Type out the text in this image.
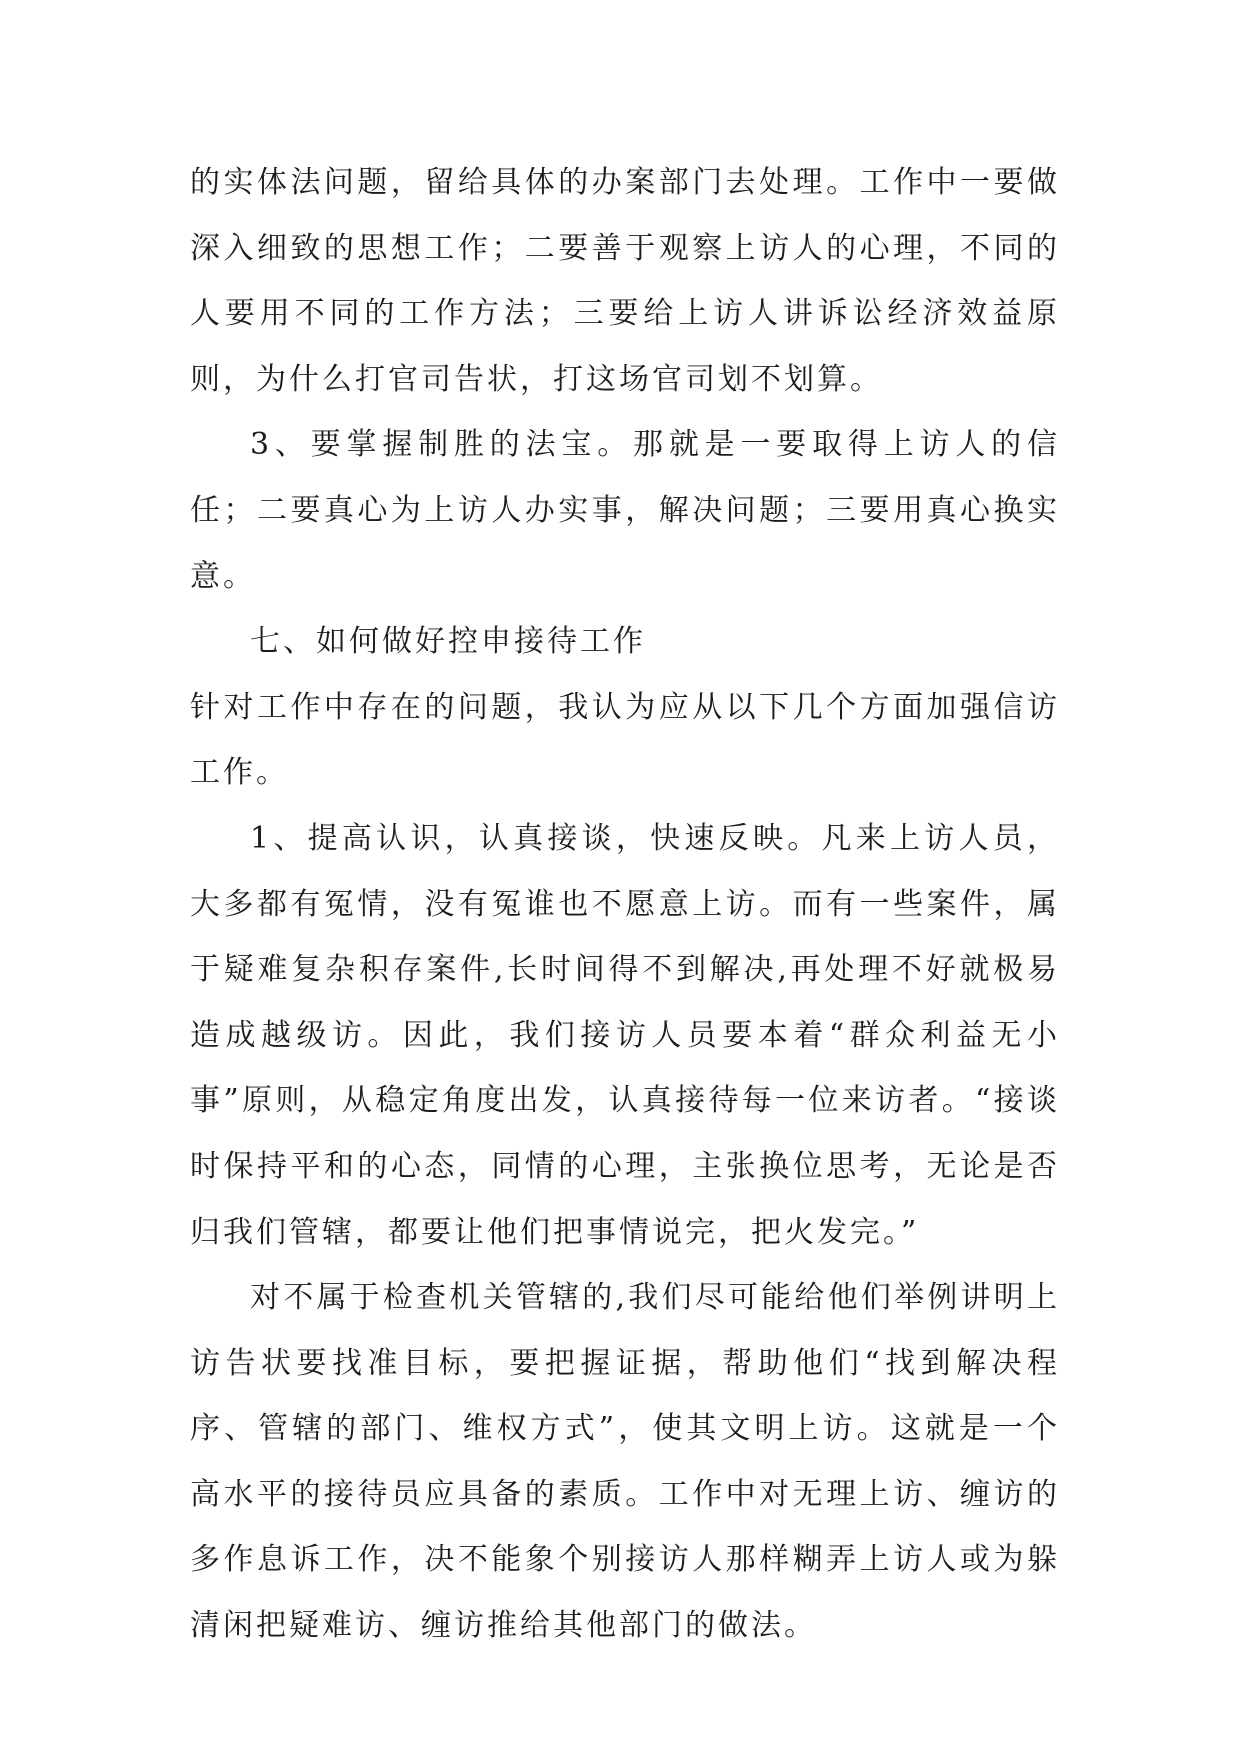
的实体法问题，留给具体的办案部门去处理。工作中一要做深入细致的思想工作；二要善于观察上访人的心理，不同的人要用不同的工作方法；三要给上访人讲诉讼经济效益原则，为什么打官司告状，打这场官司划不划算。

3、要掌握制胜的法宝。那就是一要取得上访人的信任；二要真心为上访人办实事，解决问题；三要用真心换实意。

七、如何做好控申接待工作

针对工作中存在的问题，我认为应从以下几个方面加强信访工作。

1、提高认识，认真接谈，快速反映。凡来上访人员，大多都有冤情，没有冤谁也不愿意上访。而有一些案件，属于疑难复杂积存案件,长时间得不到解决,再处理不好就极易造成越级访。因此，我们接访人员要本着“群众利益无小事”原则，从稳定角度出发，认真接待每一位来访者。“接谈时保持平和的心态，同情的心理，主张换位思考，无论是否归我们管辖，都要让他们把事情说完，把火发完。”

对不属于检查机关管辖的,我们尽可能给他们举例讲明上访告状要找准目标，要把握证据，帮助他们“找到解决程序、管辖的部门、维权方式”，使其文明上访。这就是一个高水平的接待员应具备的素质。工作中对无理上访、缠访的多作息诉工作，决不能象个别接访人那样糊弄上访人或为躲清闲把疑难访、缠访推给其他部门的做法。
